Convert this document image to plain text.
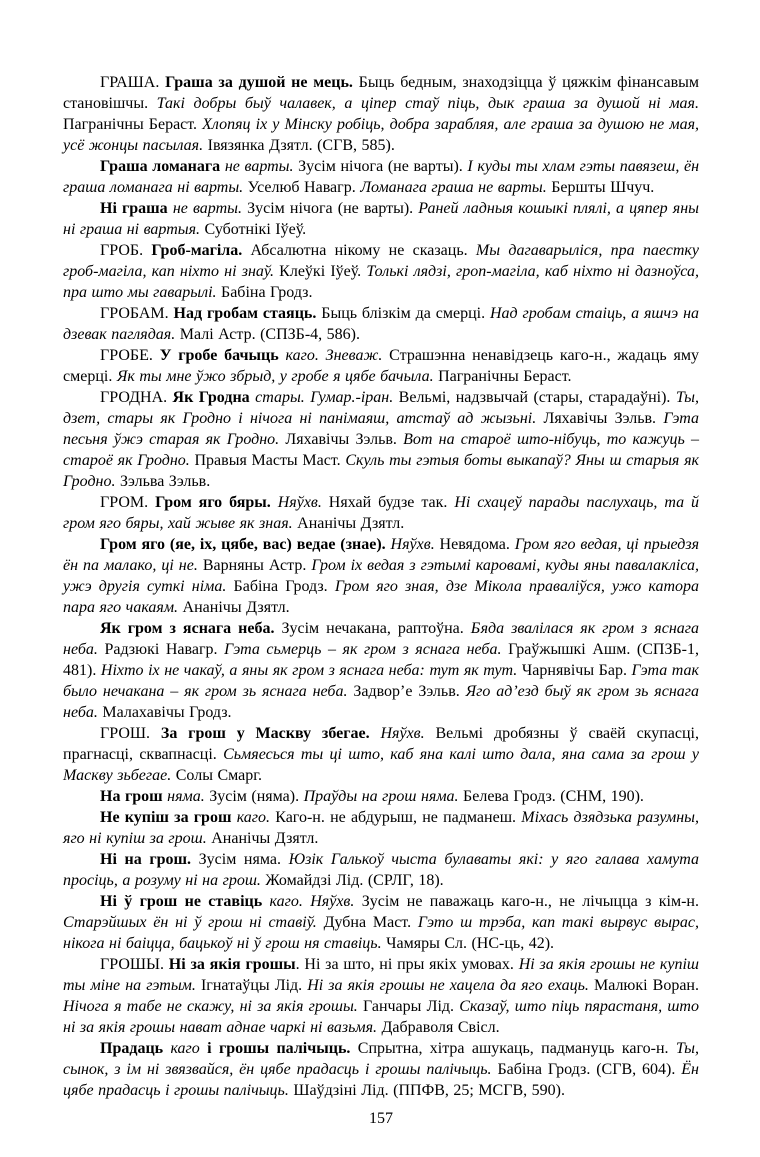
ГРАША. Граша за душой не мець. Быць бедным, знаходзіцца ў цяжкім фінансавым становішчы. Такі добры быў чалавек, а ціпер стаў піць, дык граша за душой ні мая. Пагранічны Бераст. Хлопяц іх у Мінску робіць, добра зарабляя, але граша за душою не мая, усё жонцы пасылая. Івязянка Дзятл. (СГВ, 585).

Граша ломанага не варты. Зусім нічога (не варты). І куды ты хлам гэты павязеш, ён граша ломанага ні варты. Уселюб Навагр. Ломанага граша не варты. Бершты Шчуч.

Ні граша не варты. Зусім нічога (не варты). Раней ладныя кошыкі плялі, а цяпер яны ні граша ні вартыя. Суботнікі Іўеў.

ГРОБ. Гроб-магіла. Абсалютна нікому не сказаць. Мы дагаварыліся, пра паестку гроб-магіла, кап ніхто ні знаў. Клеўкі Іўеў. Толькі лядзі, гроп-магіла, каб ніхто ні дазноўса, пра што мы гаварылі. Бабіна Гродз.

ГРОБАМ. Над гробам стаяць. Быць блізкім да смерці. Над гробам стаіць, а яшчэ на дзевак паглядая. Малі Астр. (СПЗБ-4, 586).

ГРОБЕ. У гробе бачыць каго. Зневаж. Страшэнна ненавідзець каго-н., жадаць яму смерці. Як ты мне ўжо збрыд, у гробе я цябе бачыла. Пагранічны Бераст.

ГРОДНА. Як Гродна стары. Гумар.-іран. Вельмі, надзвычай (стары, старадаўні). Ты, дзет, стары як Гродно і нічога ні панімаяш, атстаў ад жызьні. Ляхавічы Зэльв. Гэта песьня ўжэ старая як Гродно. Ляхавічы Зэльв. Вот на староё што-нібуць, то кажуць – староё як Гродно. Правыя Масты Маст. Скуль ты гэтыя боты выкапаў? Яны ш старыя як Гродно. Зэльва Зэльв.

ГРОМ. Гром яго бяры. Няўхв. Няхай будзе так. Ні схацеў парады паслухаць, та й гром яго бяры, хай жыве як зная. Ананічы Дзятл.

Гром яго (яе, іх, цябе, вас) ведае (знае). Няўхв. Невядома. Гром яго ведая, ці прыедзя ён па малако, ці не. Варняны Астр. Гром іх ведая з гэтымі каровамі, куды яны павалакліса, ужэ другія суткі німа. Бабіна Гродз. Гром яго зная, дзе Мікола праваліўся, ужо катора пара яго чакаям. Ананічы Дзятл.

Як гром з яснага неба. Зусім нечакана, раптоўна. Бяда звалілася як гром з яснага неба. Радзюкі Навагр. Гэта сьмерць – як гром з яснага неба. Граўжышкі Ашм. (СПЗБ-1, 481). Ніхто іх не чакаў, а яны як гром з яснага неба: тут як тут. Чарнявічы Бар. Гэта так было нечакана – як гром зь яснага неба. Задвор’е Зэльв. Яго ад’езд быў як гром зь яснага неба. Малахавічы Гродз.

ГРОШ. За грош у Маскву збегае. Няўхв. Вельмі дробязны ў сваёй скупасці, прагнасці, сквапнасці. Сьмяесься ты ці што, каб яна калі што дала, яна сама за грош у Маскву зьбегае. Солы Смарг.

На грош няма. Зусім (няма). Праўды на грош няма. Белева Гродз. (СНМ, 190).

Не купіш за грош каго. Каго-н. не абдурыш, не падманеш. Міхась дзядзька разумны, яго ні купіш за грош. Ананічы Дзятл.

Ні на грош. Зусім няма. Юзік Галькоў чыста булаваты які: у яго галава хамута просіць, а розуму ні на грош. Жомайдзі Лід. (СРЛГ, 18).

Ні ў грош не ставіць каго. Няўхв. Зусім не паважаць каго-н., не лічыцца з кім-н. Старэйшых ён ні ў грош ні ставіў. Дубна Маст. Гэто ш трэба, кап такі вырвус вырас, нікога ні баіцца, бацькоў ні ў грош ня ставіць. Чамяры Сл. (НС-ць, 42).

ГРОШЫ. Ні за якія грошы. Ні за што, ні пры якіх умовах. Ні за якія грошы не купіш ты міне на гэтым. Ігнатаўцы Лід. Ні за якія грошы не хацела да яго ехаць. Малюкі Воран. Нічога я табе не скажу, ні за якія грошы. Ганчары Лід. Сказаў, што піць пярастаня, што ні за якія грошы нават аднае чаркі ні вазьмя. Дабраволя Свісл.

Прадаць каго і грошы палічыць. Спрытна, хітра ашукаць, падмануць каго-н. Ты, сынок, з ім ні звязвайся, ён цябе прадасць і грошы палічыць. Бабіна Гродз. (СГВ, 604). Ён цябе прадасць і грошы палічыць. Шаўдзіні Лід. (ППФВ, 25; МСГВ, 590).

157
